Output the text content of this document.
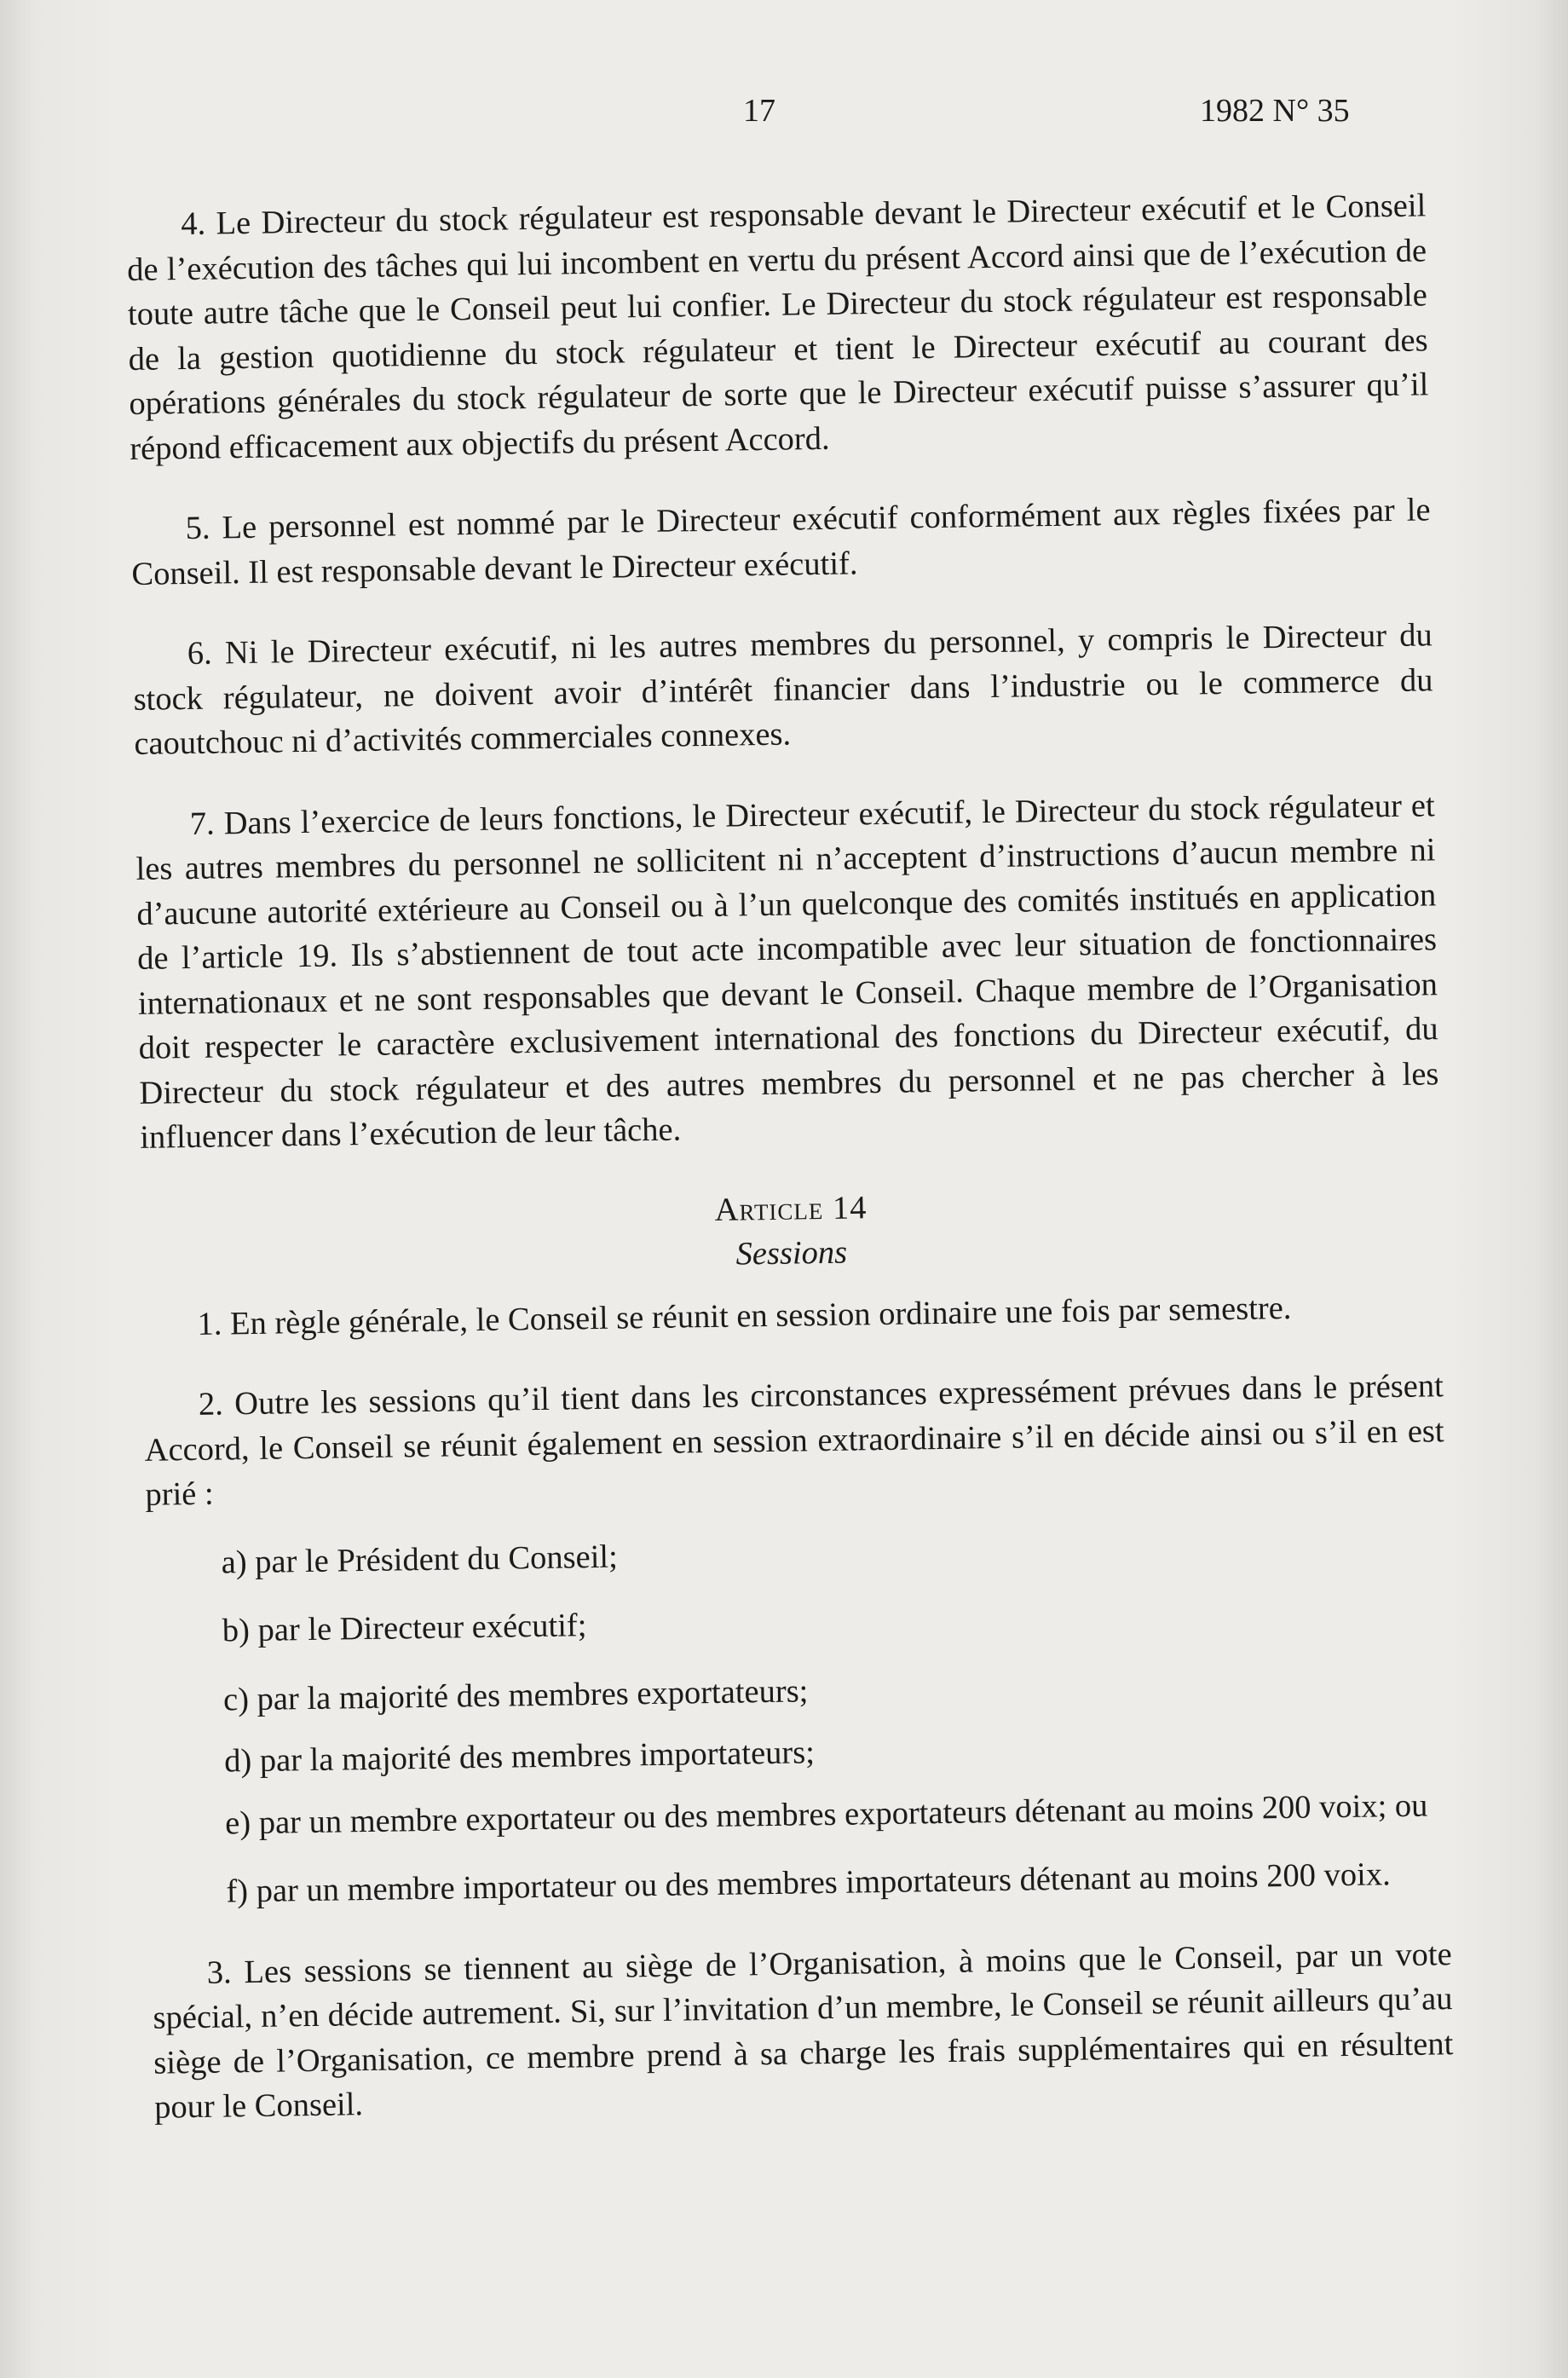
17	1982 N° 35

4. Le Directeur du stock régulateur est responsable devant le Directeur exécutif et le Conseil de l’exécution des tâches qui lui incombent en vertu du présent Accord ainsi que de l’exécution de toute autre tâche que le Conseil peut lui confier. Le Directeur du stock régulateur est responsable de la gestion quotidienne du stock régulateur et tient le Directeur exécutif au courant des opérations générales du stock régulateur de sorte que le Directeur exécutif puisse s’assurer qu’il répond efficacement aux objectifs du présent Accord.

5. Le personnel est nommé par le Directeur exécutif conformément aux règles fixées par le Conseil. Il est responsable devant le Directeur exécutif.

6. Ni le Directeur exécutif, ni les autres membres du personnel, y compris le Directeur du stock régulateur, ne doivent avoir d’intérêt financier dans l’industrie ou le commerce du caoutchouc ni d’activités commerciales connexes.

7. Dans l’exercice de leurs fonctions, le Directeur exécutif, le Directeur du stock régulateur et les autres membres du personnel ne sollicitent ni n’acceptent d’instructions d’aucun membre ni d’aucune autorité extérieure au Conseil ou à l’un quelconque des comités institués en application de l’article 19. Ils s’abstiennent de tout acte incompatible avec leur situation de fonctionnaires internationaux et ne sont responsables que devant le Conseil. Chaque membre de l’Organisation doit respecter le caractère exclusivement international des fonctions du Directeur exécutif, du Directeur du stock régulateur et des autres membres du personnel et ne pas chercher à les influencer dans l’exécution de leur tâche.

Article 14

Sessions

1. En règle générale, le Conseil se réunit en session ordinaire une fois par semestre.

2. Outre les sessions qu’il tient dans les circonstances expressément prévues dans le présent Accord, le Conseil se réunit également en session extraordinaire s’il en décide ainsi ou s’il en est prié :

a) par le Président du Conseil;

b) par le Directeur exécutif;

c) par la majorité des membres exportateurs;

d) par la majorité des membres importateurs;

e) par un membre exportateur ou des membres exportateurs détenant au moins 200 voix; ou

f) par un membre importateur ou des membres importateurs détenant au moins 200 voix.

3. Les sessions se tiennent au siège de l’Organisation, à moins que le Conseil, par un vote spécial, n’en décide autrement. Si, sur l’invitation d’un membre, le Conseil se réunit ailleurs qu’au siège de l’Organisation, ce membre prend à sa charge les frais supplémentaires qui en résultent pour le Conseil.
